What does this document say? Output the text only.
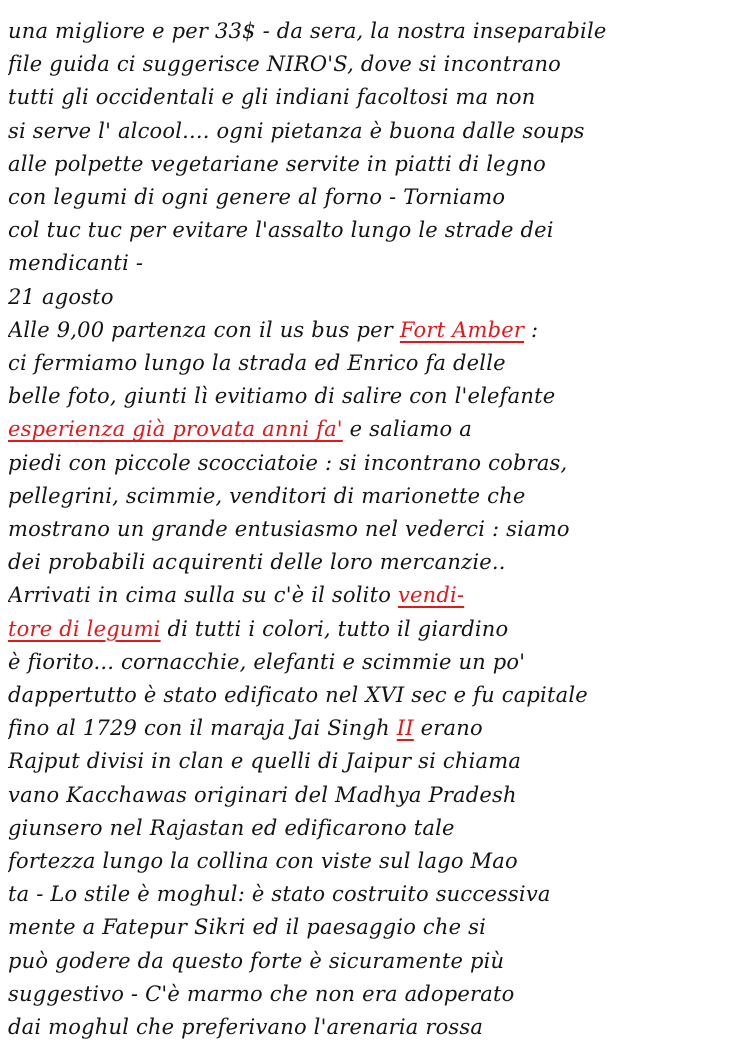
una migliore e per 33$ - da sera, la nostra inseparabile
file guida ci suggerisce NIRO'S, dove si incontrano
tutti gli occidentali e gli indiani facoltosi ma non
si serve l' alcool.... ogni pietanza è buona dalle soups
alle polpette vegetariane servite in piatti di legno
con legumi di ogni genere al forno - Torniamo
col tuc tuc per evitare l'assalto lungo le strade dei
mendicanti -
21 agosto
Alle 9,00 partenza con il us bus per Fort Amber :
ci fermiamo lungo la strada ed Enrico fa delle
belle foto, giunti lì evitiamo di salire con l'elefante
esperienza già provata anni fa' e saliamo a
piedi con piccole scocciatoie : si incontrano cobras,
pellegrini, scimmie, venditori di marionette che
mostrano un grande entusiasmo nel vederci : siamo
dei probabili acquirenti delle loro mercanzie..
Arrivati in cima sulla su c'è il solito vendi-
tore di legumi di tutti i colori, tutto il giardino
è fiorito... cornacchie, elefanti e scimmie un po'
dappertutto è stato edificato nel XVI sec e fu capitale
fino al 1729 con il maraja Jai Singh II erano
Rajput divisi in clan e quelli di Jaipur si chiama
vano Kacchawas originari del Madhya Pradesh
giunsero nel Rajastan ed edificarono tale
fortezza lungo la collina con viste sul lago Mao
ta - Lo stile è moghul: è stato costruito successiva
mente a Fatepur Sikri ed il paesaggio che si
può godere da questo forte è sicuramente più
suggestivo - C'è marmo che non era adoperato
dai moghul che preferivano l'arenaria rossa
